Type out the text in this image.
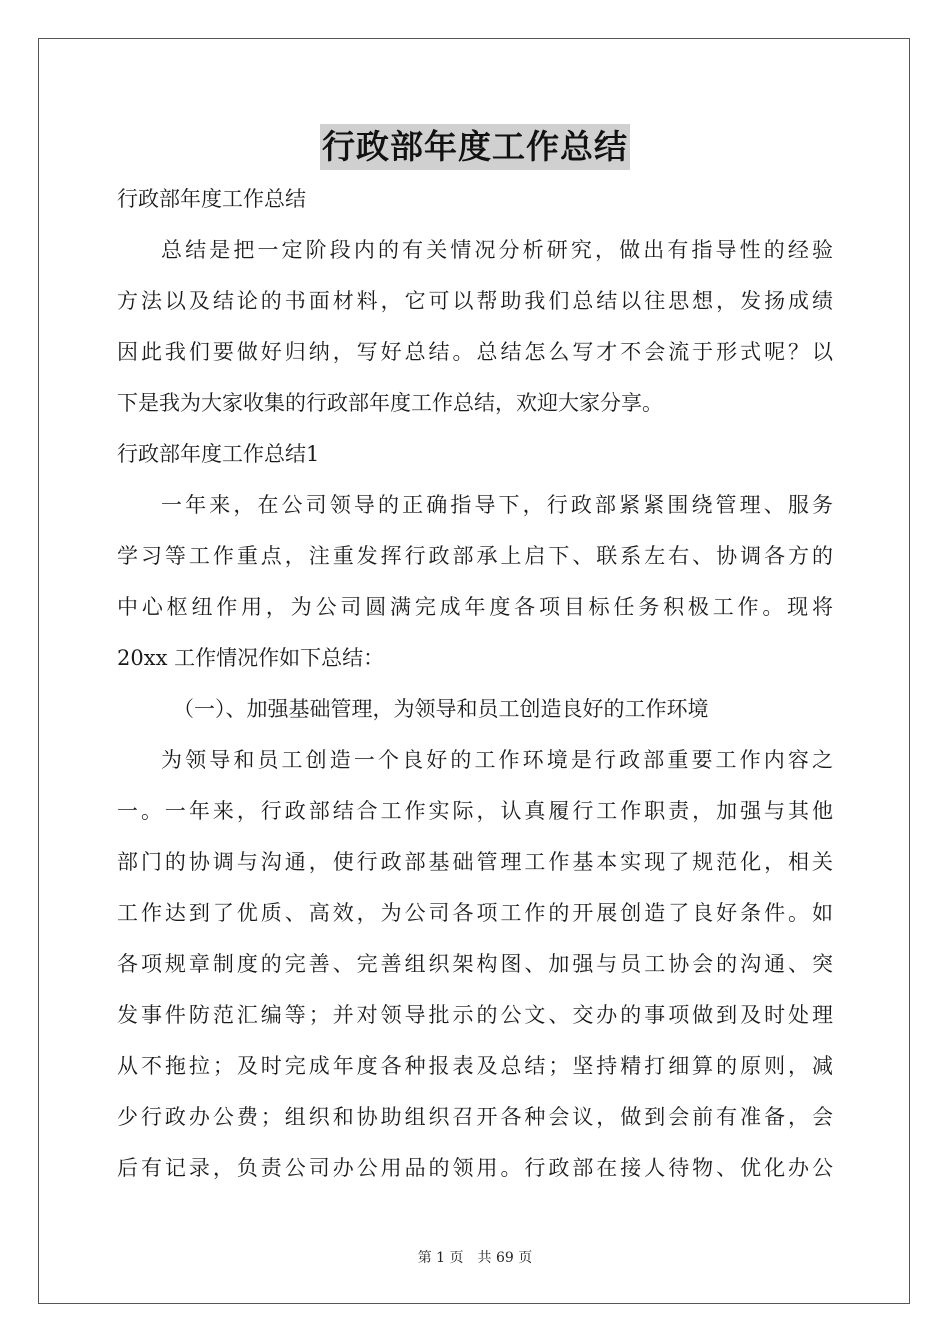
行政部年度工作总结
行政部年度工作总结
总结是把一定阶段内的有关情况分析研究，做出有指导性的经验
方法以及结论的书面材料，它可以帮助我们总结以往思想，发扬成绩
因此我们要做好归纳，写好总结。总结怎么写才不会流于形式呢？以
下是我为大家收集的行政部年度工作总结，欢迎大家分享。
行政部年度工作总结1
一年来，在公司领导的正确指导下，行政部紧紧围绕管理、服务
学习等工作重点，注重发挥行政部承上启下、联系左右、协调各方的
中心枢纽作用，为公司圆满完成年度各项目标任务积极工作。现将
20xx 工作情况作如下总结：
（一）、加强基础管理，为领导和员工创造良好的工作环境
为领导和员工创造一个良好的工作环境是行政部重要工作内容之
一。一年来，行政部结合工作实际，认真履行工作职责，加强与其他
部门的协调与沟通，使行政部基础管理工作基本实现了规范化，相关
工作达到了优质、高效，为公司各项工作的开展创造了良好条件。如
各项规章制度的完善、完善组织架构图、加强与员工协会的沟通、突
发事件防范汇编等；并对领导批示的公文、交办的事项做到及时处理
从不拖拉；及时完成年度各种报表及总结；坚持精打细算的原则，减
少行政办公费；组织和协助组织召开各种会议，做到会前有准备，会
后有记录，负责公司办公用品的领用。行政部在接人待物、优化办公
第 1 页 共 69 页
